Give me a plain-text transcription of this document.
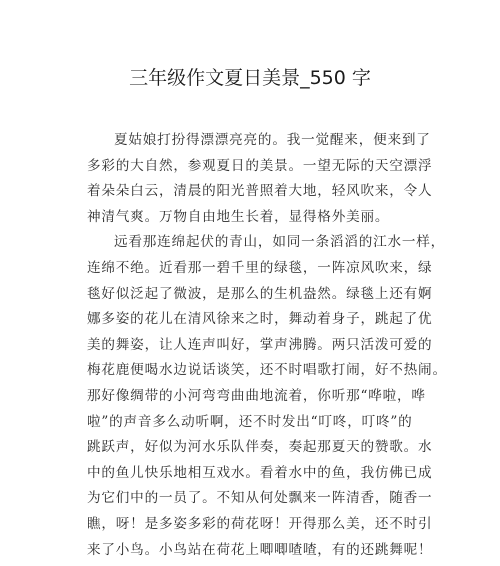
三年级作文夏日美景_550 字
夏姑娘打扮得漂漂亮亮的。我一觉醒来，便来到了
多彩的大自然，参观夏日的美景。一望无际的天空漂浮
着朵朵白云，清晨的阳光普照着大地，轻风吹来，令人
神清气爽。万物自由地生长着，显得格外美丽。
远看那连绵起伏的青山，如同一条滔滔的江水一样，
连绵不绝。近看那一碧千里的绿毯，一阵凉风吹来，绿
毯好似泛起了微波，是那么的生机盎然。绿毯上还有婀
娜多姿的花儿在清风徐来之时，舞动着身子，跳起了优
美的舞姿，让人连声叫好，掌声沸腾。两只活泼可爱的
梅花鹿便喝水边说话谈笑，还不时唱歌打闹，好不热闹。
那好像绸带的小河弯弯曲曲地流着，你听那“哗啦，哗
啦”的声音多么动听啊，还不时发出“叮咚，叮咚”的
跳跃声，好似为河水乐队伴奏，奏起那夏天的赞歌。水
中的鱼儿快乐地相互戏水。看着水中的鱼，我仿佛已成
为它们中的一员了。不知从何处飘来一阵清香，随香一
瞧，呀！是多姿多彩的荷花呀！开得那么美，还不时引
来了小鸟。小鸟站在荷花上唧唧喳喳，有的还跳舞呢！
